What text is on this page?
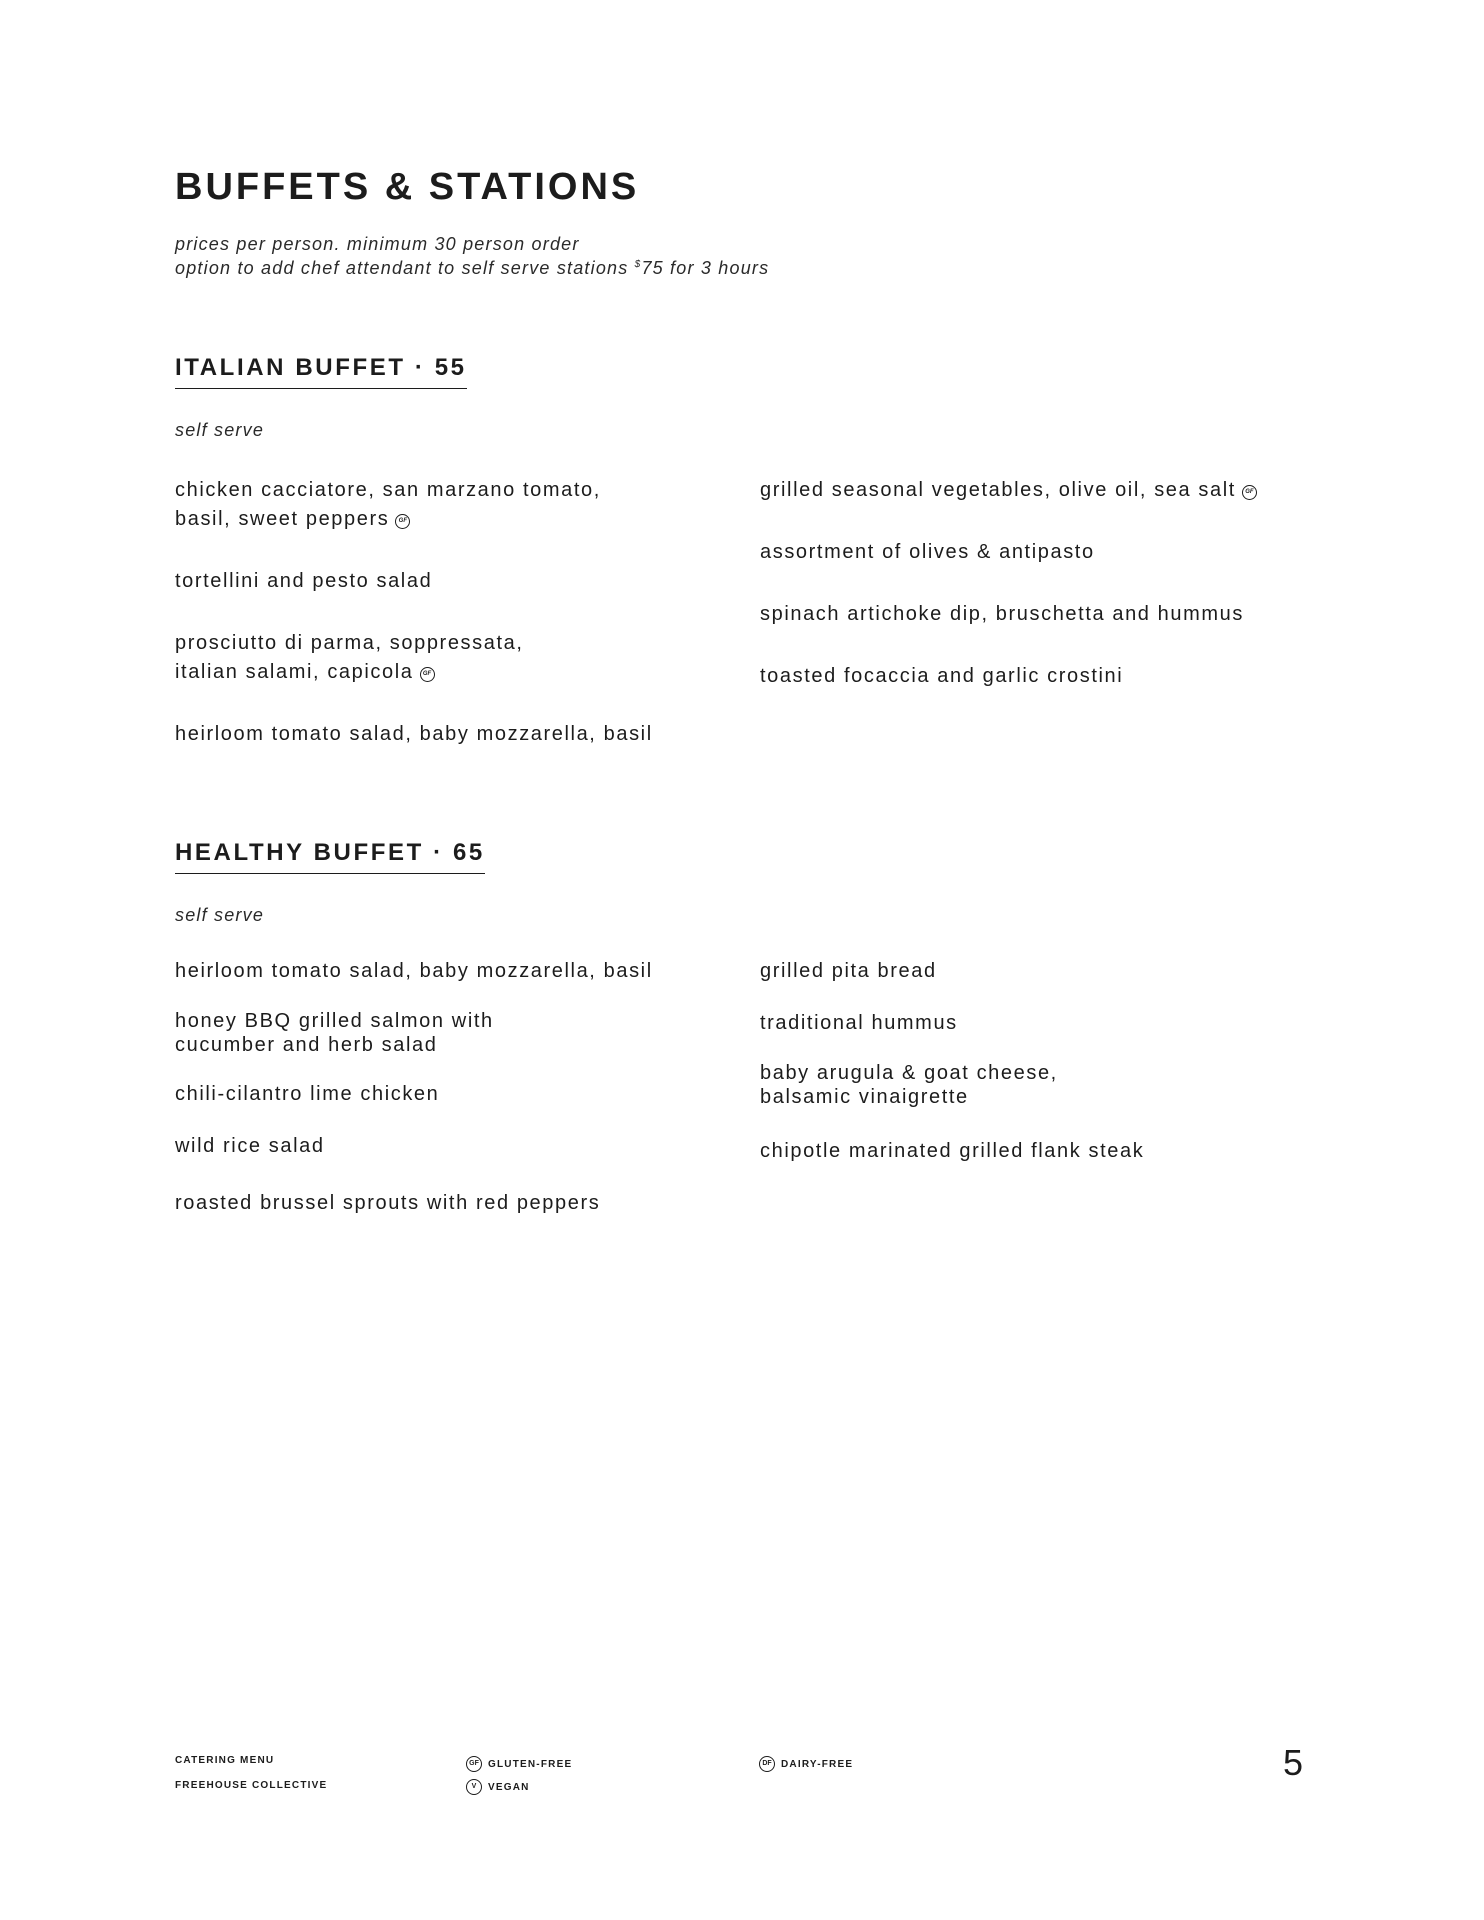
BUFFETS & STATIONS
prices per person. minimum 30 person order
option to add chef attendant to self serve stations $75 for 3 hours
ITALIAN BUFFET · 55
self serve
chicken cacciatore, san marzano tomato,
basil, sweet peppers GF
tortellini and pesto salad
prosciutto di parma, soppressata,
italian salami, capicola GF
heirloom tomato salad, baby mozzarella, basil
grilled seasonal vegetables, olive oil, sea salt GF
assortment of olives & antipasto
spinach artichoke dip, bruschetta and hummus
toasted focaccia and garlic crostini
HEALTHY BUFFET · 65
self serve
heirloom tomato salad, baby mozzarella, basil
honey BBQ grilled salmon with
cucumber and herb salad
chili-cilantro lime chicken
wild rice salad
roasted brussel sprouts with red peppers
grilled pita bread
traditional hummus
baby arugula & goat cheese,
balsamic vinaigrette
chipotle marinated grilled flank steak
CATERING MENU
FREEHOUSE COLLECTIVE
GF GLUTEN-FREE
V	VEGAN
DF DAIRY-FREE	5
